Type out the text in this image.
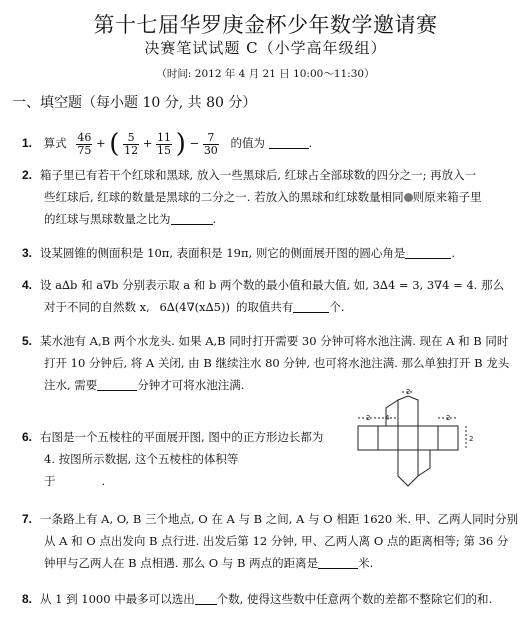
第十七届华罗庚金杯少年数学邀请赛
决赛笔试试题 C（小学高年级组）
（时间: 2012 年 4 月 21 日 10:00～11:30）
一、填空题（每小题 10 分, 共 80 分）
1. 算式 $\frac{46}{75}$ + ( $\frac{5}{12} + \frac{11}{15}$ ) − $\frac{7}{30}$ 的值为	.
2. 箱子里已有若干个红球和黑球, 放入一些黑球后, 红球占全部球数的四分之一; 再放入一
些红球后, 红球的数量是黑球的二分之一. 若放入的黑球和红球数量相同 则原来箱子里
的红球与黑球数量之比为	.
3. 设某圆锥的侧面积是 10π, 表面积是 19π, 则它的侧面展开图的圆心角是	.
4. 设 a∆b 和 a∇b 分别表示取 a 和 b 两个数的最小值和最大值, 如, 3∆4 = 3, 3∇4 = 4. 那么
对于不同的自然数 x, 6∆(4∇(x∆5)) 的取值共有	个.
5. 某水池有 A,B 两个水龙头. 如果 A,B 同时打开需要 30 分钟可将水池注满. 现在 A 和 B 同时
打开 10 分钟后, 将 A 关闭, 由 B 继续注水 80 分钟, 也可将水池注满. 那么单独打开 B 龙头
注水, 需要	分钟才可将水池注满.
6. 右图是一个五棱柱的平面展开图, 图中的正方形边长都为
4. 按图所示数据, 这个五棱柱的体积等
于	.
2 4	2
2
2
7. 一条路上有 A, O, B 三个地点, O 在 A 与 B 之间, A 与 O 相距 1620 米. 甲、乙两人同时分别
从 A 和 O 点出发向 B 点行进. 出发后第 12 分钟, 甲、乙两人离 O 点的距离相等; 第 36 分
钟甲与乙两人在 B 点相遇. 那么 O 与 B 两点的距离是	米.
8. 从 1 到 1000 中最多可以选出 个数, 使得这些数中任意两个数的差都不整除它们的和.
